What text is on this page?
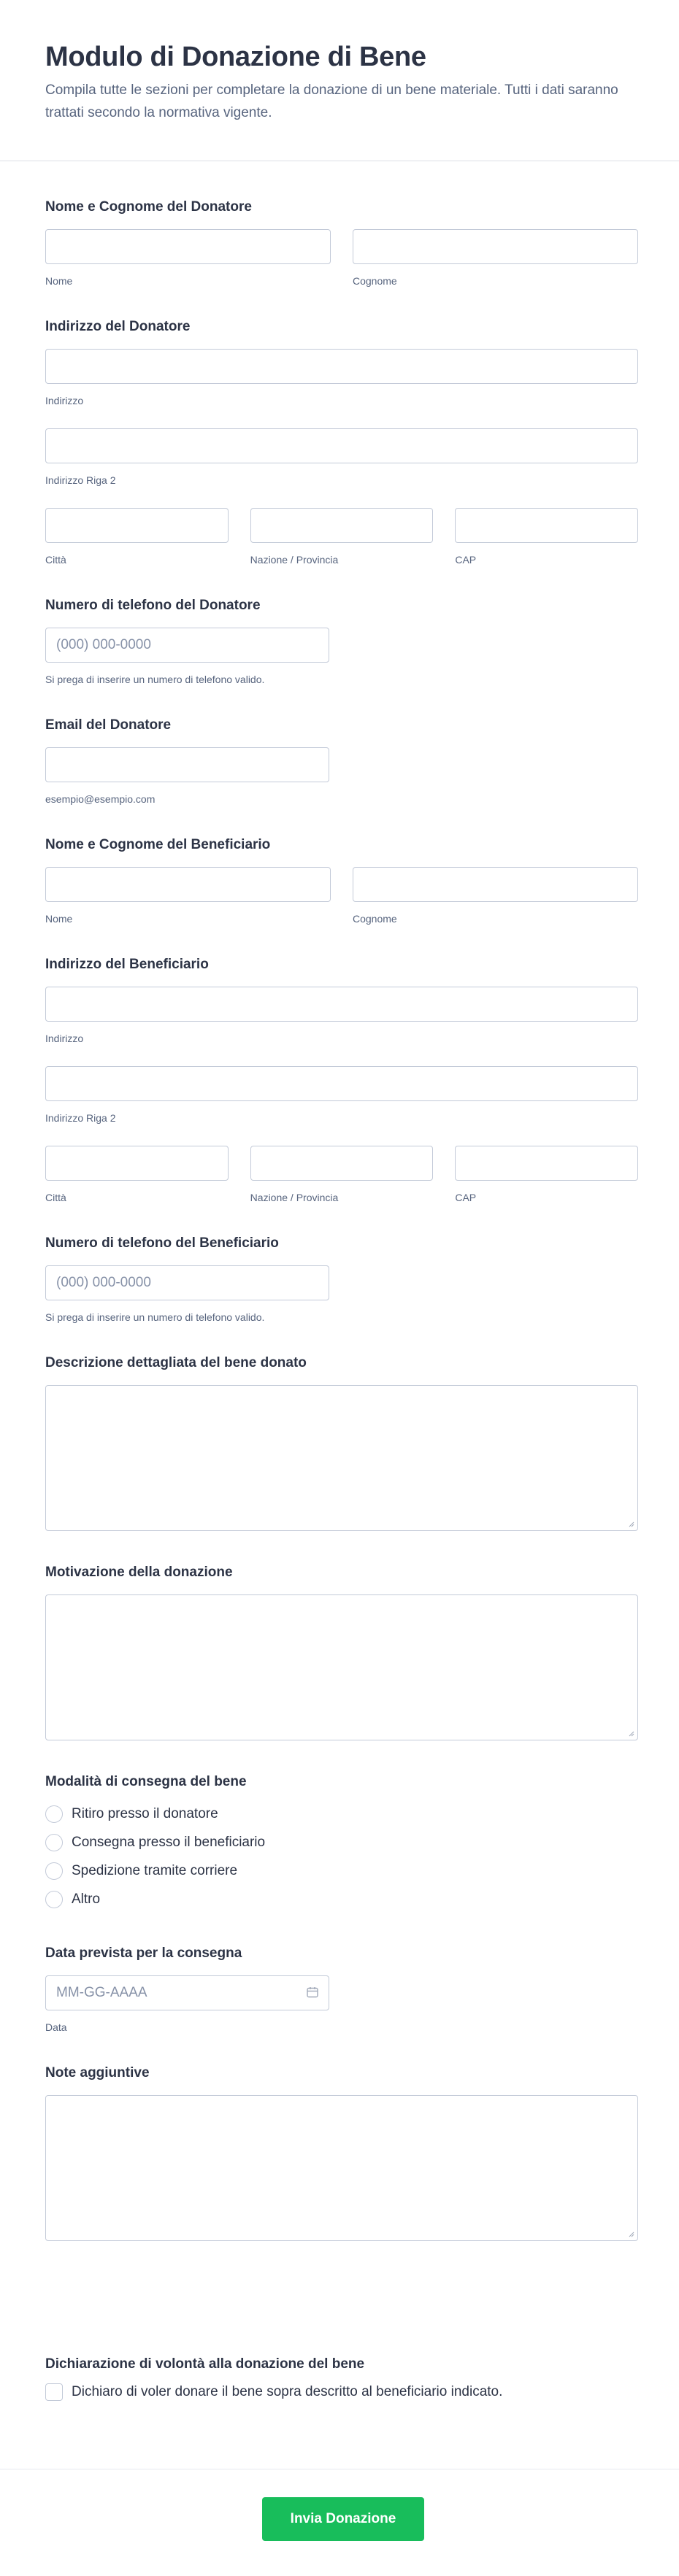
Modulo di Donazione di Bene

Compila tutte le sezioni per completare la donazione di un bene materiale. Tutti i dati saranno trattati secondo la normativa vigente.

Nome e Cognome del Donatore
Nome	Cognome
Indirizzo del Donatore
Indirizzo
Indirizzo Riga 2
Città	Nazione / Provincia	CAP
Numero di telefono del Donatore
(000) 000-0000
Si prega di inserire un numero di telefono valido.
Email del Donatore
esempio@esempio.com
Nome e Cognome del Beneficiario
Nome	Cognome
Indirizzo del Beneficiario
Indirizzo
Indirizzo Riga 2
Città	Nazione / Provincia	CAP
Numero di telefono del Beneficiario
(000) 000-0000
Si prega di inserire un numero di telefono valido.
Descrizione dettagliata del bene donato
Motivazione della donazione
Modalità di consegna del bene
Ritiro presso il donatore
Consegna presso il beneficiario
Spedizione tramite corriere
Altro
Data prevista per la consegna
MM-GG-AAAA
Data
Note aggiuntive
Dichiarazione di volontà alla donazione del bene
Dichiaro di voler donare il bene sopra descritto al beneficiario indicato.
Invia Donazione
